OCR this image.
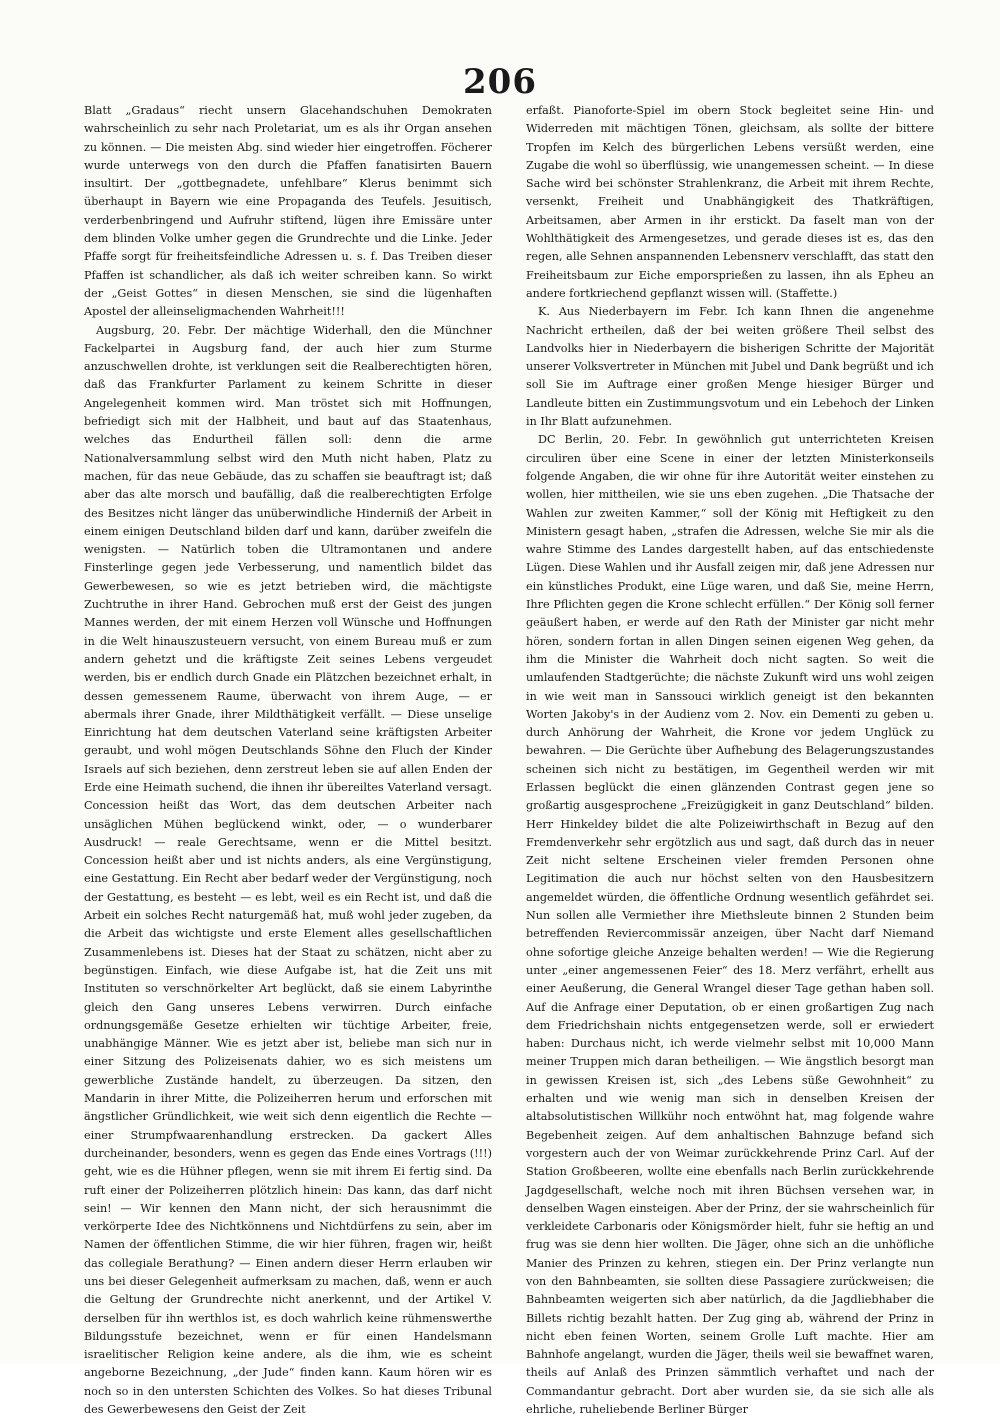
206

Blatt „Gradaus“ riecht unsern Glacehandschuhen Demokraten wahrscheinlich zu sehr nach Proletariat, um es als ihr Organ ansehen zu können. — Die meisten Abg. sind wieder hier eingetroffen. Föcherer wurde unterwegs von den durch die Pfaffen fanatisirten Bauern insultirt. Der „gottbegnadete, unfehlbare“ Klerus benimmt sich überhaupt in Bayern wie eine Propaganda des Teufels. Jesuitisch, verderbenbringend und Aufruhr stiftend, lügen ihre Emissäre unter dem blinden Volke umher gegen die Grundrechte und die Linke. Jeder Pfaffe sorgt für freiheitsfeindliche Adressen u. s. f. Das Treiben dieser Pfaffen ist schandlicher, als daß ich weiter schreiben kann. So wirkt der „Geist Gottes“ in diesen Menschen, sie sind die lügenhaften Apostel der alleinseligmachenden Wahrheit!!!

Augsburg, 20. Febr. Der mächtige Widerhall, den die Münchner Fackelpartei in Augsburg fand, der auch hier zum Sturme anzuschwellen drohte, ist verklungen seit die Realberechtigten hören, daß das Frankfurter Parlament zu keinem Schritte in dieser Angelegenheit kommen wird. Man tröstet sich mit Hoffnungen, befriedigt sich mit der Halbheit, und baut auf das Staatenhaus, welches das Endurtheil fällen soll: denn die arme Nationalversammlung selbst wird den Muth nicht haben, Platz zu machen, für das neue Gebäude, das zu schaffen sie beauftragt ist; daß aber das alte morsch und baufällig, daß die realberechtigten Erfolge des Besitzes nicht länger das unüberwindliche Hinderniß der Arbeit in einem einigen Deutschland bilden darf und kann, darüber zweifeln die wenigsten. — Natürlich toben die Ultramontanen und andere Finsterlinge gegen jede Verbesserung, und namentlich bildet das Gewerbewesen, so wie es jetzt betrieben wird, die mächtigste Zuchtruthe in ihrer Hand. Gebrochen muß erst der Geist des jungen Mannes werden, der mit einem Herzen voll Wünsche und Hoffnungen in die Welt hinauszusteuern versucht, von einem Bureau muß er zum andern gehetzt und die kräftigste Zeit seines Lebens vergeudet werden, bis er endlich durch Gnade ein Plätzchen bezeichnet erhalt, in dessen gemessenem Raume, überwacht von ihrem Auge, — er abermals ihrer Gnade, ihrer Mildthätigkeit verfällt. — Diese unselige Einrichtung hat dem deutschen Vaterland seine kräftigsten Arbeiter geraubt, und wohl mögen Deutschlands Söhne den Fluch der Kinder Israels auf sich beziehen, denn zerstreut leben sie auf allen Enden der Erde eine Heimath suchend, die ihnen ihr übereiltes Vaterland versagt. Concession heißt das Wort, das dem deutschen Arbeiter nach unsäglichen Mühen beglückend winkt, oder, — o wunderbarer Ausdruck! — reale Gerechtsame, wenn er die Mittel besitzt. Concession heißt aber und ist nichts anders, als eine Vergünstigung, eine Gestattung. Ein Recht aber bedarf weder der Vergünstigung, noch der Gestattung, es besteht — es lebt, weil es ein Recht ist, und daß die Arbeit ein solches Recht naturgemäß hat, muß wohl jeder zugeben, da die Arbeit das wichtigste und erste Element alles gesellschaftlichen Zusammenlebens ist. Dieses hat der Staat zu schätzen, nicht aber zu begünstigen. Einfach, wie diese Aufgabe ist, hat die Zeit uns mit Instituten so verschnörkelter Art beglückt, daß sie einem Labyrinthe gleich den Gang unseres Lebens verwirren. Durch einfache ordnungsgemäße Gesetze erhielten wir tüchtige Arbeiter, freie, unabhängige Männer. Wie es jetzt aber ist, beliebe man sich nur in einer Sitzung des Polizeisenats dahier, wo es sich meistens um gewerbliche Zustände handelt, zu überzeugen. Da sitzen, den Mandarin in ihrer Mitte, die Polizeiherren herum und erforschen mit ängstlicher Gründlichkeit, wie weit sich denn eigentlich die Rechte — einer Strumpfwaarenhandlung erstrecken. Da gackert Alles durcheinander, besonders, wenn es gegen das Ende eines Vortrags (!!!) geht, wie es die Hühner pflegen, wenn sie mit ihrem Ei fertig sind. Da ruft einer der Polizeiherren plötzlich hinein: Das kann, das darf nicht sein! — Wir kennen den Mann nicht, der sich herausnimmt die verkörperte Idee des Nichtkönnens und Nichtdürfens zu sein, aber im Namen der öffentlichen Stimme, die wir hier führen, fragen wir, heißt das collegiale Berathung? — Einen andern dieser Herrn erlauben wir uns bei dieser Gelegenheit aufmerksam zu machen, daß, wenn er auch die Geltung der Grundrechte nicht anerkennt, und der Artikel V. derselben für ihn werthlos ist, es doch wahrlich keine rühmenswerthe Bildungsstufe bezeichnet, wenn er für einen Handelsmann israelitischer Religion keine andere, als die ihm, wie es scheint angeborne Bezeichnung, „der Jude“ finden kann. Kaum hören wir es noch so in den untersten Schichten des Volkes. So hat dieses Tribunal des Gewerbewesens den Geist der Zeit

erfaßt. Pianoforte-Spiel im obern Stock begleitet seine Hin- und Widerreden mit mächtigen Tönen, gleichsam, als sollte der bittere Tropfen im Kelch des bürgerlichen Lebens versüßt werden, eine Zugabe die wohl so überflüssig, wie unangemessen scheint. — In diese Sache wird bei schönster Strahlenkranz, die Arbeit mit ihrem Rechte, versenkt, Freiheit und Unabhängigkeit des Thatkräftigen, Arbeitsamen, aber Armen in ihr erstickt. Da faselt man von der Wohlthätigkeit des Armengesetzes, und gerade dieses ist es, das den regen, alle Sehnen anspannenden Lebensnerv verschlafft, das statt den Freiheitsbaum zur Eiche emporsprießen zu lassen, ihn als Epheu an andere fortkriechend gepflanzt wissen will. (Staffette.)

K. Aus Niederbayern im Febr. Ich kann Ihnen die angenehme Nachricht ertheilen, daß der bei weiten größere Theil selbst des Landvolks hier in Niederbayern die bisherigen Schritte der Majorität unserer Volksvertreter in München mit Jubel und Dank begrüßt und ich soll Sie im Auftrage einer großen Menge hiesiger Bürger und Landleute bitten ein Zustimmungsvotum und ein Lebehoch der Linken in Ihr Blatt aufzunehmen.

DC Berlin, 20. Febr. In gewöhnlich gut unterrichteten Kreisen circuliren über eine Scene in einer der letzten Ministerkonseils folgende Angaben, die wir ohne für ihre Autorität weiter einstehen zu wollen, hier mittheilen, wie sie uns eben zugehen. „Die Thatsache der Wahlen zur zweiten Kammer,“ soll der König mit Heftigkeit zu den Ministern gesagt haben, „strafen die Adressen, welche Sie mir als die wahre Stimme des Landes dargestellt haben, auf das entschiedenste Lügen. Diese Wahlen und ihr Ausfall zeigen mir, daß jene Adressen nur ein künstliches Produkt, eine Lüge waren, und daß Sie, meine Herrn, Ihre Pflichten gegen die Krone schlecht erfüllen.“ Der König soll ferner geäußert haben, er werde auf den Rath der Minister gar nicht mehr hören, sondern fortan in allen Dingen seinen eigenen Weg gehen, da ihm die Minister die Wahrheit doch nicht sagten. So weit die umlaufenden Stadtgerüchte; die nächste Zukunft wird uns wohl zeigen in wie weit man in Sanssouci wirklich geneigt ist den bekannten Worten Jakoby's in der Audienz vom 2. Nov. ein Dementi zu geben u. durch Anhörung der Wahrheit, die Krone vor jedem Unglück zu bewahren. — Die Gerüchte über Aufhebung des Belagerungszustandes scheinen sich nicht zu bestätigen, im Gegentheil werden wir mit Erlassen beglückt die einen glänzenden Contrast gegen jene so großartig ausgesprochene „Freizügigkeit in ganz Deutschland“ bilden. Herr Hinkeldey bildet die alte Polizeiwirthschaft in Bezug auf den Fremdenverkehr sehr ergötzlich aus und sagt, daß durch das in neuer Zeit nicht seltene Erscheinen vieler fremden Personen ohne Legitimation die auch nur höchst selten von den Hausbesitzern angemeldet würden, die öffentliche Ordnung wesentlich gefährdet sei. Nun sollen alle Vermiether ihre Miethsleute binnen 2 Stunden beim betreffenden Reviercommissär anzeigen, über Nacht darf Niemand ohne sofortige gleiche Anzeige behalten werden! — Wie die Regierung unter „einer angemessenen Feier“ des 18. Merz verfährt, erhellt aus einer Aeußerung, die General Wrangel dieser Tage gethan haben soll. Auf die Anfrage einer Deputation, ob er einen großartigen Zug nach dem Friedrichshain nichts entgegensetzen werde, soll er erwiedert haben: Durchaus nicht, ich werde vielmehr selbst mit 10,000 Mann meiner Truppen mich daran betheiligen. — Wie ängstlich besorgt man in gewissen Kreisen ist, sich „des Lebens süße Gewohnheit“ zu erhalten und wie wenig man sich in denselben Kreisen der altabsolutistischen Willkühr noch entwöhnt hat, mag folgende wahre Begebenheit zeigen. Auf dem anhaltischen Bahnzuge befand sich vorgestern auch der von Weimar zurückkehrende Prinz Carl. Auf der Station Großbeeren, wollte eine ebenfalls nach Berlin zurückkehrende Jagdgesellschaft, welche noch mit ihren Büchsen versehen war, in denselben Wagen einsteigen. Aber der Prinz, der sie wahrscheinlich für verkleidete Carbonaris oder Königsmörder hielt, fuhr sie heftig an und frug was sie denn hier wollten. Die Jäger, ohne sich an die unhöfliche Manier des Prinzen zu kehren, stiegen ein. Der Prinz verlangte nun von den Bahnbeamten, sie sollten diese Passagiere zurückweisen; die Bahnbeamten weigerten sich aber natürlich, da die Jagdliebhaber die Billets richtig bezahlt hatten. Der Zug ging ab, während der Prinz in nicht eben feinen Worten, seinem Grolle Luft machte. Hier am Bahnhofe angelangt, wurden die Jäger, theils weil sie bewaffnet waren, theils auf Anlaß des Prinzen sämmtlich verhaftet und nach der Commandantur gebracht. Dort aber wurden sie, da sie sich alle als ehrliche, ruheliebende Berliner Bürger
